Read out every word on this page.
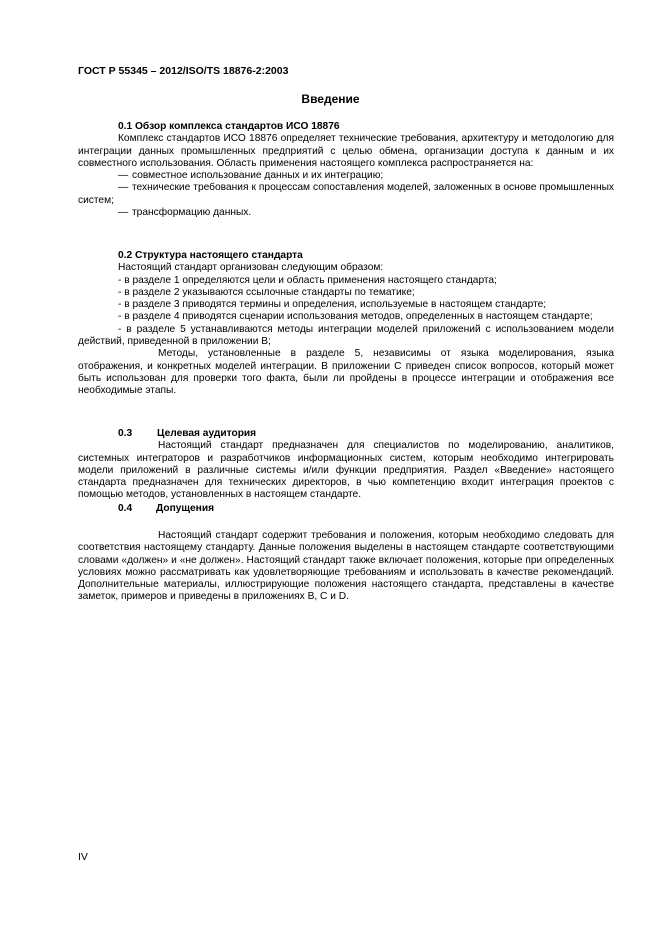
ГОСТ Р 55345 – 2012/ISO/TS 18876-2:2003
Введение
0.1 Обзор комплекса стандартов ИСО 18876

Комплекс стандартов ИСО 18876 определяет технические требования, архитектуру и методологию для интеграции данных промышленных предприятий с целью обмена, организации доступа к данным и их совместного использования. Область применения настоящего комплекса распространяется на:

— совместное использование данных и их интеграцию;
— технические требования к процессам сопоставления моделей, заложенных в основе промышленных систем;
— трансформацию данных.
0.2 Структура настоящего стандарта
Настоящий стандарт организован следующим образом:
- в разделе 1 определяются цели и область применения настоящего стандарта;
- в разделе 2 указываются ссылочные стандарты по тематике;
- в разделе 3 приводятся термины и определения, используемые в настоящем стандарте;
- в разделе 4 приводятся сценарии использования методов, определенных в настоящем стандарте;
- в разделе 5 устанавливаются методы интеграции моделей приложений с использованием модели действий, приведенной в приложении B;

Методы, установленные в разделе 5, независимы от языка моделирования, языка отображения, и конкретных моделей интеграции. В приложении C приведен список вопросов, который может быть использован для проверки того факта, были ли пройдены в процессе интеграции и отображения все необходимые этапы.

0.3 Целевая аудитория

Настоящий стандарт предназначен для специалистов по моделированию, аналитиков, системных интеграторов и разработчиков информационных систем, которым необходимо интегрировать модели приложений в различные системы и/или функции предприятия. Раздел «Введение» настоящего стандарта предназначен для технических директоров, в чью компетенцию входит интеграция проектов с помощью методов, установленных в настоящем стандарте.

0.4 Допущения

Настоящий стандарт содержит требования и положения, которым необходимо следовать для соответствия настоящему стандарту. Данные положения выделены в настоящем стандарте соответствующими словами «должен» и «не должен». Настоящий стандарт также включает положения, которые при определенных условиях можно рассматривать как удовлетворяющие требованиям и использовать в качестве рекомендаций. Дополнительные материалы, иллюстрирующие положения настоящего стандарта, представлены в качестве заметок, примеров и приведены в приложениях B, C и D.

IV
